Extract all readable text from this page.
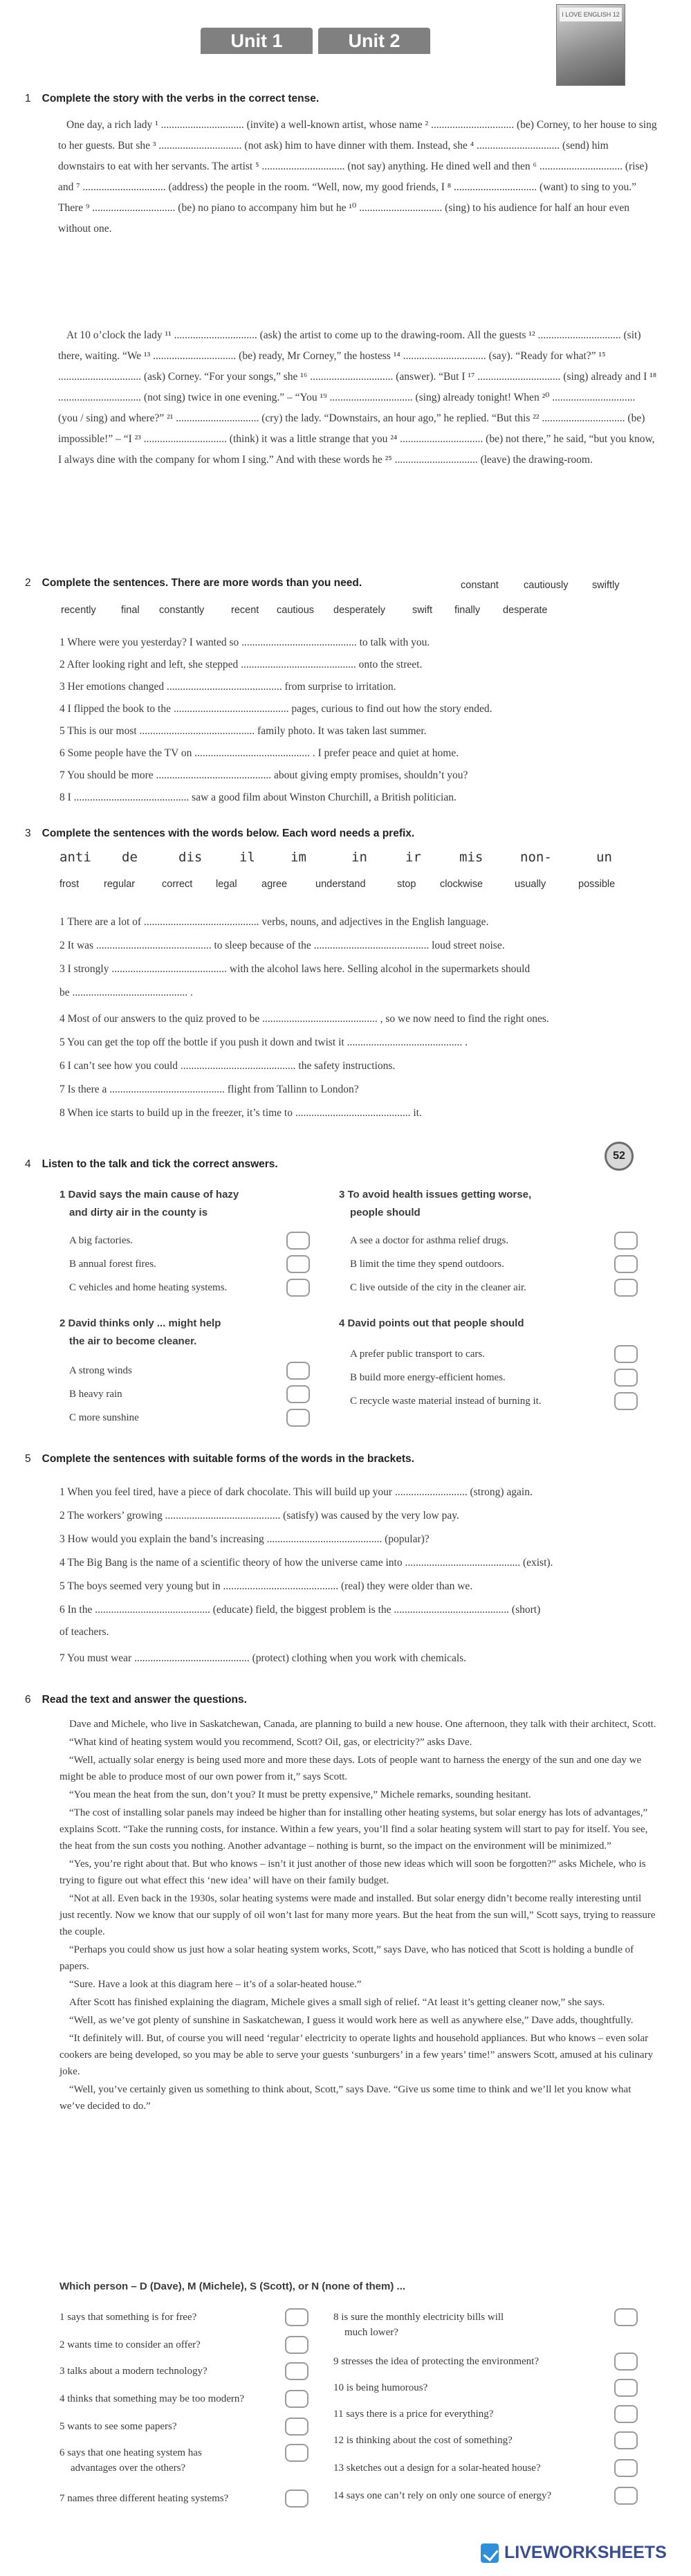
Unit 1	Unit 2
I LOVE ENGLISH 12
1 Complete the story with the verbs in the correct tense.

One day, a rich lady ¹ ............................... (invite) a well-known artist, whose name ² ............................... (be) Corney, to her house to sing to her guests. But she ³ ............................... (not ask) him to have dinner with them. Instead, she ⁴ ............................... (send) him downstairs to eat with her servants. The artist ⁵ ............................... (not say) anything. He dined well and then ⁶ ............................... (rise) and ⁷ ............................... (address) the people in the room. “Well, now, my good friends, I ⁸ ............................... (want) to sing to you.” There ⁹ ............................... (be) no piano to accompany him but he ¹⁰ ............................... (sing) to his audience for half an hour even without one.

At 10 o’clock the lady ¹¹ ............................... (ask) the artist to come up to the drawing-room. All the guests ¹² ............................... (sit) there, waiting. “We ¹³ ............................... (be) ready, Mr Corney,” the hostess ¹⁴ ............................... (say). “Ready for what?” ¹⁵ ............................... (ask) Corney. “For your songs,” she ¹⁶ ............................... (answer). “But I ¹⁷ ............................... (sing) already and I ¹⁸ ............................... (not sing) twice in one evening.” – “You ¹⁹ ............................... (sing) already tonight! When ²⁰ ............................... (you / sing) and where?” ²¹ ............................... (cry) the lady. “Downstairs, an hour ago,” he replied. “But this ²² ............................... (be) impossible!” – “I ²³ ............................... (think) it was a little strange that you ²⁴ ............................... (be) not there,” he said, “but you know, I always dine with the company for whom I sing.” And with these words he ²⁵ ............................... (leave) the drawing-room.

2 Complete the sentences. There are more words than you need.	constant cautiously swiftly
recently final constantly	recent cautious desperately	swift finally desperate
1 Where were you yesterday? I wanted so ........................................... to talk with you.
2 After looking right and left, she stepped ........................................... onto the street.
3 Her emotions changed ........................................... from surprise to irritation.
4 I flipped the book to the ........................................... pages, curious to find out how the story ended.
5 This is our most ........................................... family photo. It was taken last summer.
6 Some people have the TV on ........................................... . I prefer peace and quiet at home.
7 You should be more ........................................... about giving empty promises, shouldn’t you?
8 I ........................................... saw a good film about Winston Churchill, a British politician.
3 Complete the sentences with the words below. Each word needs a prefix.
anti de	dis	il	im	in	ir	mis	non-	un
frost regular	correct legal agree	understand	stop clockwise	usually	possible
1 There are a lot of ........................................... verbs, nouns, and adjectives in the English language.
2 It was ........................................... to sleep because of the ........................................... loud street noise.
3 I strongly ........................................... with the alcohol laws here. Selling alcohol in the supermarkets should
be ........................................... .
4 Most of our answers to the quiz proved to be ........................................... , so we now need to find the right ones.
5 You can get the top off the bottle if you push it down and twist it ........................................... .
6 I can’t see how you could ........................................... the safety instructions.
7 Is there a ........................................... flight from Tallinn to London?
8 When ice starts to build up in the freezer, it’s time to ........................................... it.
4 Listen to the talk and tick the correct answers.
52
1 David says the main cause of hazy
and dirty air in the county is
A big factories.
B annual forest fires.
C vehicles and home heating systems.
2 David thinks only ... might help
the air to become cleaner.
A strong winds
B heavy rain
C more sunshine
3 To avoid health issues getting worse,
people should
A see a doctor for asthma relief drugs.
B limit the time they spend outdoors.
C live outside of the city in the cleaner air.
4 David points out that people should
A prefer public transport to cars.
B build more energy-efficient homes.
C recycle waste material instead of burning it.
5 Complete the sentences with suitable forms of the words in the brackets.
1 When you feel tired, have a piece of dark chocolate. This will build up your ........................... (strong) again.
2 The workers’ growing ........................................... (satisfy) was caused by the very low pay.
3 How would you explain the band’s increasing ........................................... (popular)?
4 The Big Bang is the name of a scientific theory of how the universe came into ........................................... (exist).
5 The boys seemed very young but in ........................................... (real) they were older than we.
6 In the ........................................... (educate) field, the biggest problem is the ........................................... (short)
of teachers.
7 You must wear ........................................... (protect) clothing when you work with chemicals.
6 Read the text and answer the questions.

Dave and Michele, who live in Saskatchewan, Canada, are planning to build a new house. One afternoon, they talk with their architect, Scott.

“What kind of heating system would you recommend, Scott? Oil, gas, or electricity?” asks Dave.

“Well, actually solar energy is being used more and more these days. Lots of people want to harness the energy of the sun and one day we might be able to produce most of our own power from it,” says Scott.

“You mean the heat from the sun, don’t you? It must be pretty expensive,” Michele remarks, sounding hesitant.

“The cost of installing solar panels may indeed be higher than for installing other heating systems, but solar energy has lots of advantages,” explains Scott. “Take the running costs, for instance. Within a few years, you’ll find a solar heating system will start to pay for itself. You see, the heat from the sun costs you nothing. Another advantage – nothing is burnt, so the impact on the environment will be minimized.”

“Yes, you’re right about that. But who knows – isn’t it just another of those new ideas which will soon be forgotten?” asks Michele, who is trying to figure out what effect this ‘new idea’ will have on their family budget.

“Not at all. Even back in the 1930s, solar heating systems were made and installed. But solar energy didn’t become really interesting until just recently. Now we know that our supply of oil won’t last for many more years. But the heat from the sun will,” Scott says, trying to reassure the couple.

“Perhaps you could show us just how a solar heating system works, Scott,” says Dave, who has noticed that Scott is holding a bundle of papers.

“Sure. Have a look at this diagram here – it’s of a solar-heated house.”

After Scott has finished explaining the diagram, Michele gives a small sigh of relief. “At least it’s getting cleaner now,” she says.

“Well, as we’ve got plenty of sunshine in Saskatchewan, I guess it would work here as well as anywhere else,” Dave adds, thoughtfully.

“It definitely will. But, of course you will need ‘regular’ electricity to operate lights and household appliances. But who knows – even solar cookers are being developed, so you may be able to serve your guests ‘sunburgers’ in a few years’ time!” answers Scott, amused at his culinary joke.

“Well, you’ve certainly given us something to think about, Scott,” says Dave. “Give us some time to think and we’ll let you know what we’ve decided to do.”

Which person – D (Dave), M (Michele), S (Scott), or N (none of them) ...
1 says that something is for free?
2 wants time to consider an offer?
3 talks about a modern technology?
4 thinks that something may be too modern?
5 wants to see some papers?
6 says that one heating system has
advantages over the others?
7 names three different heating systems?
8 is sure the monthly electricity bills will
much lower?
9 stresses the idea of protecting the environment?
10 is being humorous?
11 says there is a price for everything?
12 is thinking about the cost of something?
13 sketches out a design for a solar-heated house?
14 says one can’t rely on only one source of energy?
LIVEWORKSHEETS
